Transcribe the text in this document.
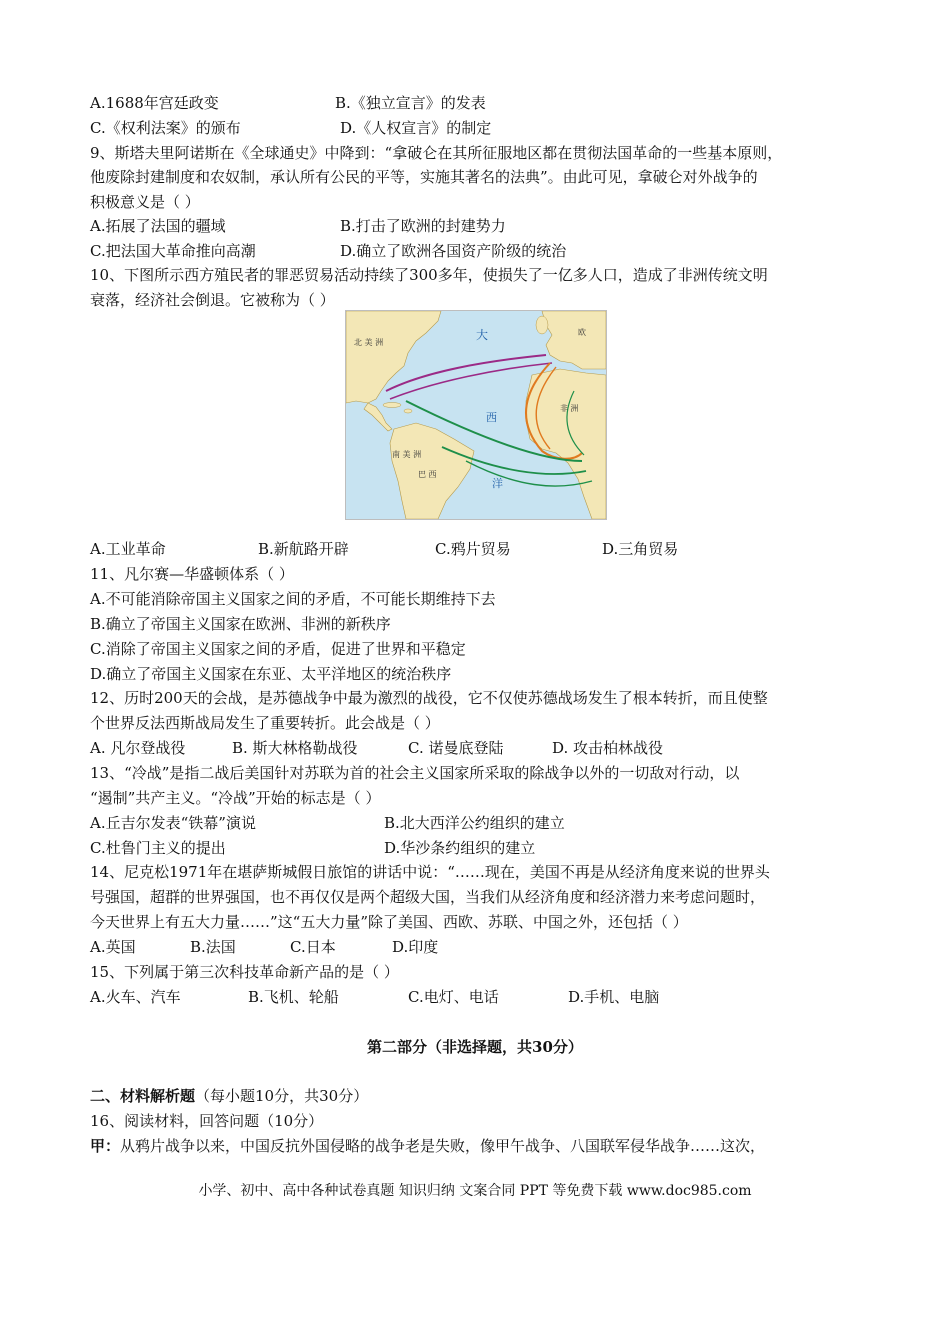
A.1688年宫廷政变	B.《独立宣言》的发表
C.《权利法案》的颁布	D.《人权宣言》的制定
9、斯塔夫里阿诺斯在《全球通史》中降到：“拿破仑在其所征服地区都在贯彻法国革命的一些基本原则，
他废除封建制度和农奴制，承认所有公民的平等，实施其著名的法典”。由此可见，拿破仑对外战争的
积极意义是（ ）
A.拓展了法国的疆域	B.打击了欧洲的封建势力
C.把法国大革命推向高潮	D.确立了欧洲各国资产阶级的统治
10、下图所示西方殖民者的罪恶贸易活动持续了300多年，使损失了一亿多人口，造成了非洲传统文明
衰落，经济社会倒退。它被称为（ ）
北 美 洲
大	欧
西
洋
非 洲
南 美 洲
巴 西
A.工业革命	B.新航路开辟	C.鸦片贸易	D.三角贸易
11、凡尔赛—华盛顿体系（ ）
A.不可能消除帝国主义国家之间的矛盾，不可能长期维持下去
B.确立了帝国主义国家在欧洲、非洲的新秩序
C.消除了帝国主义国家之间的矛盾，促进了世界和平稳定
D.确立了帝国主义国家在东亚、太平洋地区的统治秩序
12、历时200天的会战，是苏德战争中最为激烈的战役，它不仅使苏德战场发生了根本转折，而且使整
个世界反法西斯战局发生了重要转折。此会战是（ ）
A. 凡尔登战役	B. 斯大林格勒战役	C. 诺曼底登陆	D. 攻击柏林战役
13、“冷战”是指二战后美国针对苏联为首的社会主义国家所采取的除战争以外的一切敌对行动，以
“遏制”共产主义。“冷战”开始的标志是（ ）
A.丘吉尔发表“铁幕”演说	B.北大西洋公约组织的建立
C.杜鲁门主义的提出	D.华沙条约组织的建立
14、尼克松1971年在堪萨斯城假日旅馆的讲话中说：“……现在，美国不再是从经济角度来说的世界头
号强国，超群的世界强国，也不再仅仅是两个超级大国，当我们从经济角度和经济潜力来考虑问题时，
今天世界上有五大力量……”这“五大力量”除了美国、西欧、苏联、中国之外，还包括（ ）
A.英国	B.法国	C.日本	D.印度
15、下列属于第三次科技革命新产品的是（ ）
A.火车、汽车	B.飞机、轮船	C.电灯、电话	D.手机、电脑
第二部分（非选择题，共30分）
二、材料解析题（每小题10分，共30分）
16、阅读材料，回答问题（10分）
甲：从鸦片战争以来，中国反抗外国侵略的战争老是失败，像甲午战争、八国联军侵华战争……这次，
小学、初中、高中各种试卷真题 知识归纳 文案合同 PPT 等免费下载 www.doc985.com
